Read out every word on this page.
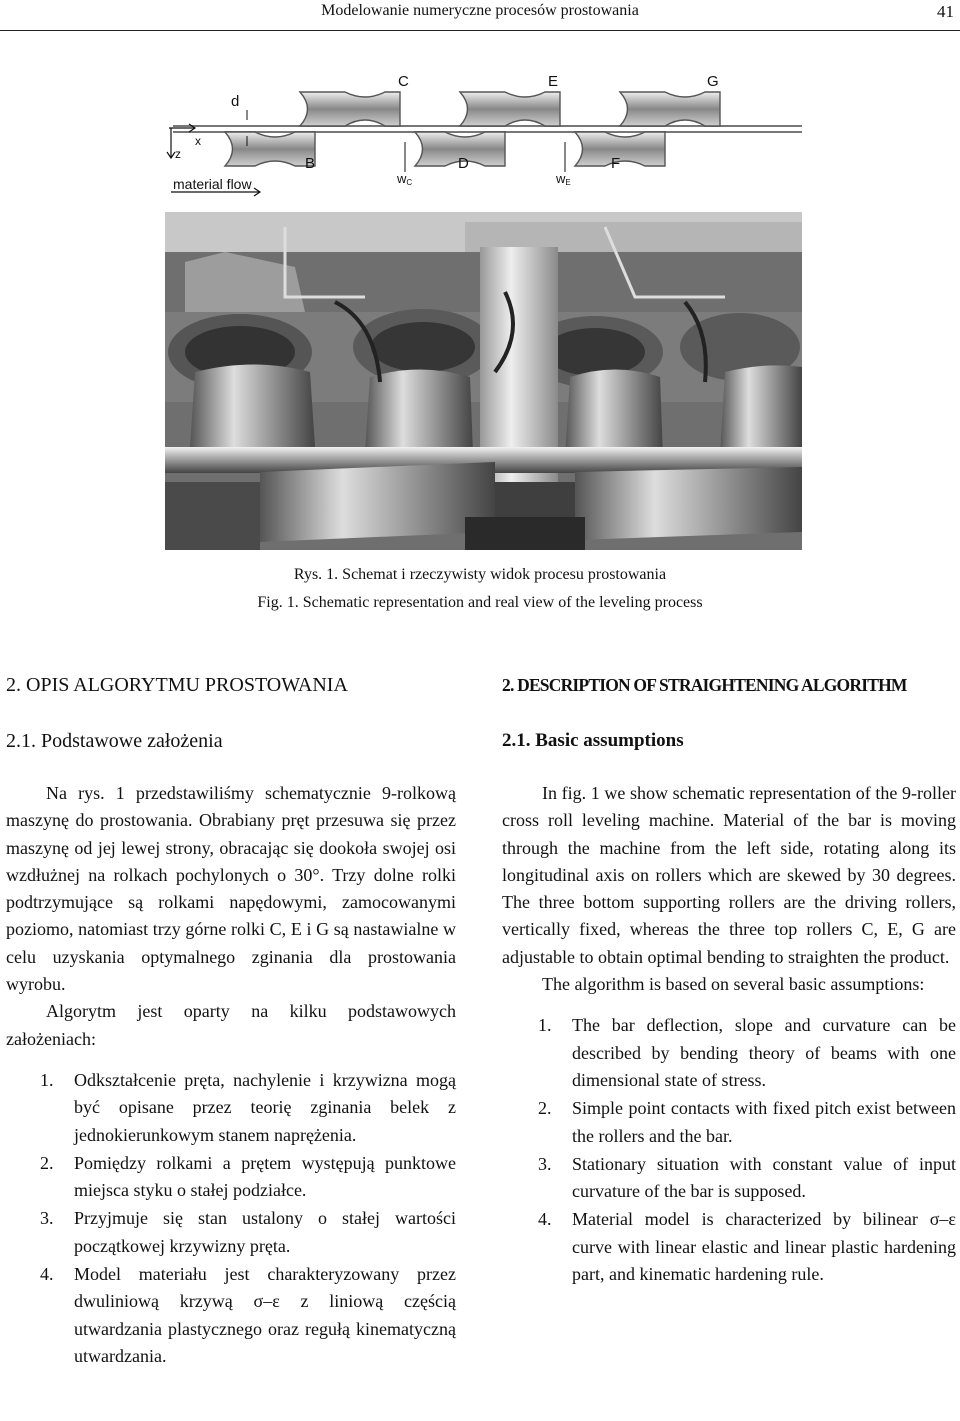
Modelowanie numeryczne procesów prostowania	41
d
x
z
material flow
C	E	G
B	D	F
wC	wE
Rys. 1. Schemat i rzeczywisty widok procesu prostowania
Fig. 1. Schematic representation and real view of the leveling process

2. OPIS ALGORYTMU PROSTOWANIA

2.1. Podstawowe założenia

Na rys. 1 przedstawiliśmy schematycznie 9-rolkową maszynę do prostowania. Obrabiany pręt przesuwa się przez maszynę od jej lewej strony, obracając się dookoła swojej osi wzdłużnej na rolkach pochylonych o 30°. Trzy dolne rolki podtrzymujące są rolkami napędowymi, zamocowanymi poziomo, natomiast trzy górne rolki C, E i G są nastawialne w celu uzyskania optymalnego zginania dla prostowania wyrobu.

Algorytm jest oparty na kilku podstawowych założeniach:

1. Odkształcenie pręta, nachylenie i krzywizna mogą być opisane przez teorię zginania belek z jednokierunkowym stanem naprężenia.
2. Pomiędzy rolkami a prętem występują punktowe miejsca styku o stałej podziałce.
3. Przyjmuje się stan ustalony o stałej wartości początkowej krzywizny pręta.
4. Model materiału jest charakteryzowany przez dwuliniową krzywą σ–ε z liniową częścią utwardzania plastycznego oraz regułą kinematyczną utwardzania.

2. DESCRIPTION OF STRAIGHTENING ALGORITHM

2.1. Basic assumptions

In fig. 1 we show schematic representation of the 9-roller cross roll leveling machine. Material of the bar is moving through the machine from the left side, rotating along its longitudinal axis on rollers which are skewed by 30 degrees. The three bottom supporting rollers are the driving rollers, vertically fixed, whereas the three top rollers C, E, G are adjustable to obtain optimal bending to straighten the product.

The algorithm is based on several basic assumptions:

1. The bar deflection, slope and curvature can be described by bending theory of beams with one dimensional state of stress.
2. Simple point contacts with fixed pitch exist between the rollers and the bar.
3. Stationary situation with constant value of input curvature of the bar is supposed.
4. Material model is characterized by bilinear σ–ε curve with linear elastic and linear plastic hardening part, and kinematic hardening rule.
